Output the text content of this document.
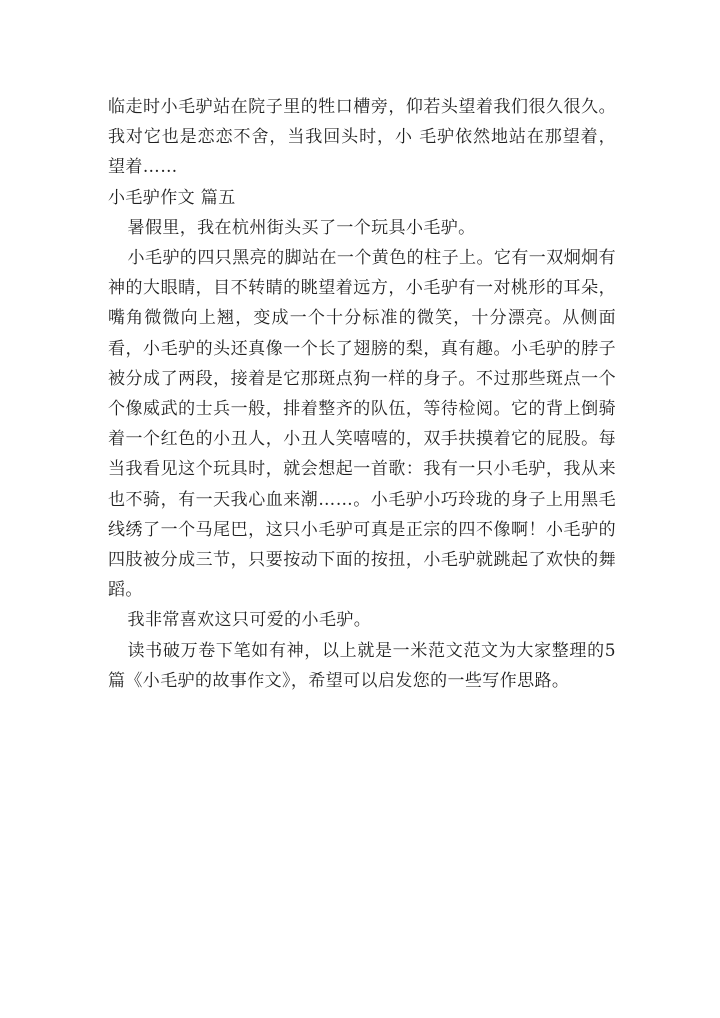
临走时小毛驴站在院子里的牲口槽旁，仰若头望着我们很久很久。我对它也是恋恋不舍，当我回头时，小 毛驴依然地站在那望着，望着……

小毛驴作文 篇五

暑假里，我在杭州街头买了一个玩具小毛驴。

小毛驴的四只黑亮的脚站在一个黄色的柱子上。它有一双炯炯有神的大眼睛，目不转睛的眺望着远方，小毛驴有一对桃形的耳朵，嘴角微微向上翘，变成一个十分标准的微笑，十分漂亮。从侧面看，小毛驴的头还真像一个长了翅膀的梨，真有趣。小毛驴的脖子被分成了两段，接着是它那斑点狗一样的身子。不过那些斑点一个个像威武的士兵一般，排着整齐的队伍，等待检阅。它的背上倒骑着一个红色的小丑人，小丑人笑嘻嘻的，双手扶摸着它的屁股。每当我看见这个玩具时，就会想起一首歌：我有一只小毛驴，我从来也不骑，有一天我心血来潮……。小毛驴小巧玲珑的身子上用黑毛线绣了一个马尾巴，这只小毛驴可真是正宗的四不像啊！小毛驴的四肢被分成三节，只要按动下面的按扭，小毛驴就跳起了欢快的舞蹈。

我非常喜欢这只可爱的小毛驴。

读书破万卷下笔如有神，以上就是一米范文范文为大家整理的5篇《小毛驴的故事作文》，希望可以启发您的一些写作思路。
